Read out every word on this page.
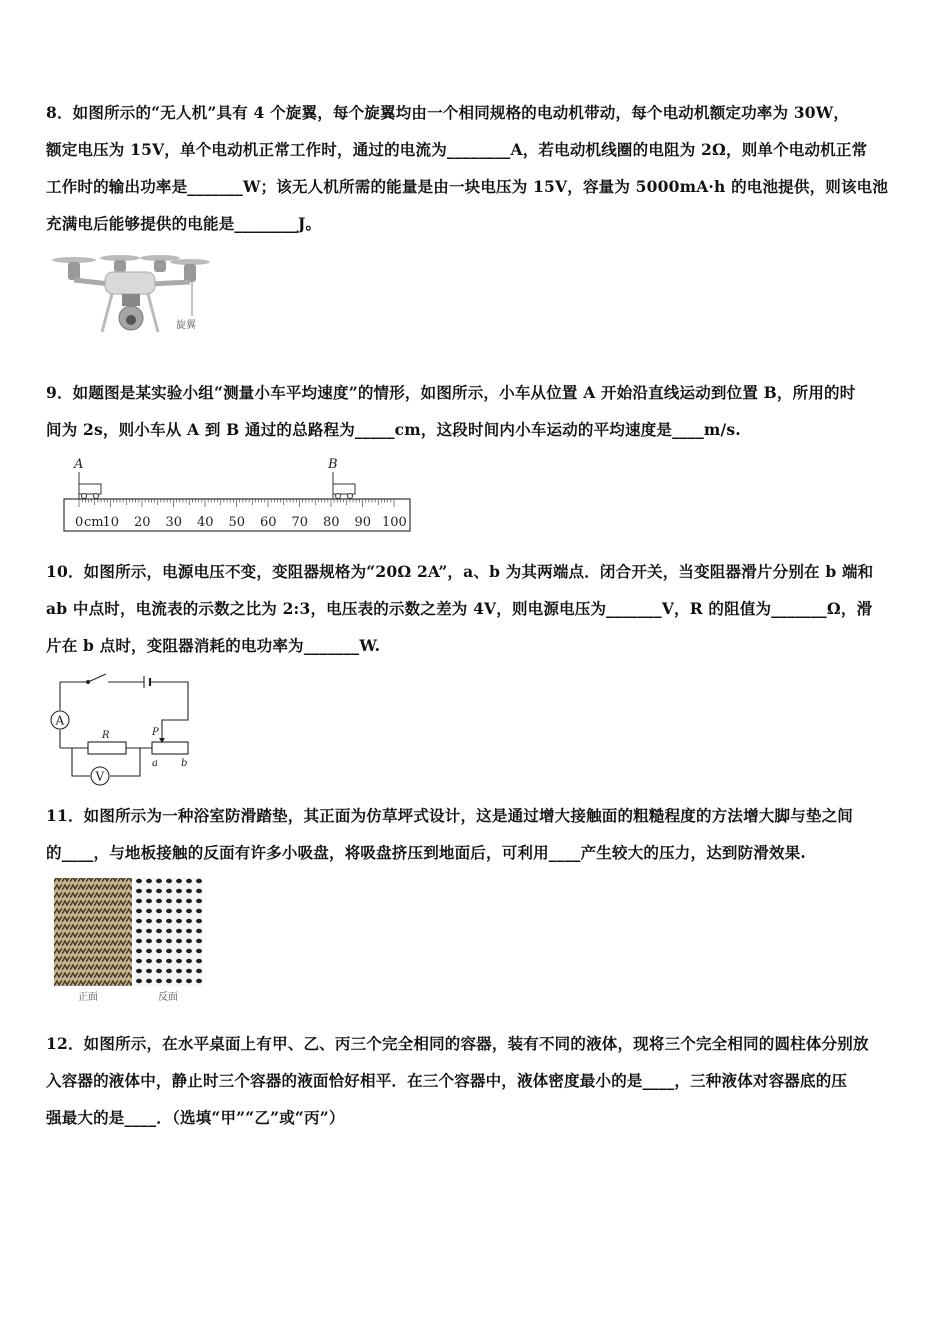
8．如图所示的“无人机”具有 4 个旋翼，每个旋翼均由一个相同规格的电动机带动，每个电动机额定功率为 30W，

额定电压为 15V，单个电动机正常工作时，通过的电流为________A，若电动机线圈的电阻为 2Ω，则单个电动机正常

工作时的输出功率是_______W；该无人机所需的能量是由一块电压为 15V，容量为 5000mA·h 的电池提供，则该电池

充满电后能够提供的电能是________J。

旋翼

9．如题图是某实验小组“测量小车平均速度”的情形，如图所示，小车从位置 A 开始沿直线运动到位置 B，所用的时

间为 2s，则小车从 A 到 B 通过的总路程为_____cm，这段时间内小车运动的平均速度是____m/s.

A	B
0 10 20 30 40 50 60 70 80 90 100
cm

10．如图所示，电源电压不变，变阻器规格为“20Ω 2A”，a、b 为其两端点．闭合开关，当变阻器滑片分别在 b 端和

ab 中点时，电流表的示数之比为 2:3，电压表的示数之差为 4V，则电源电压为_______V，R 的阻值为_______Ω，滑

片在 b 点时，变阻器消耗的电功率为_______W.

A
V
R	P
a b

11．如图所示为一种浴室防滑踏垫，其正面为仿草坪式设计，这是通过增大接触面的粗糙程度的方法增大脚与垫之间

的____，与地板接触的反面有许多小吸盘，将吸盘挤压到地面后，可利用____产生较大的压力，达到防滑效果.

正面	反面

12．如图所示，在水平桌面上有甲、乙、丙三个完全相同的容器，装有不同的液体，现将三个完全相同的圆柱体分别放

入容器的液体中，静止时三个容器的液面恰好相平．在三个容器中，液体密度最小的是____，三种液体对容器底的压

强最大的是____．（选填“甲”“乙”或“丙”）
